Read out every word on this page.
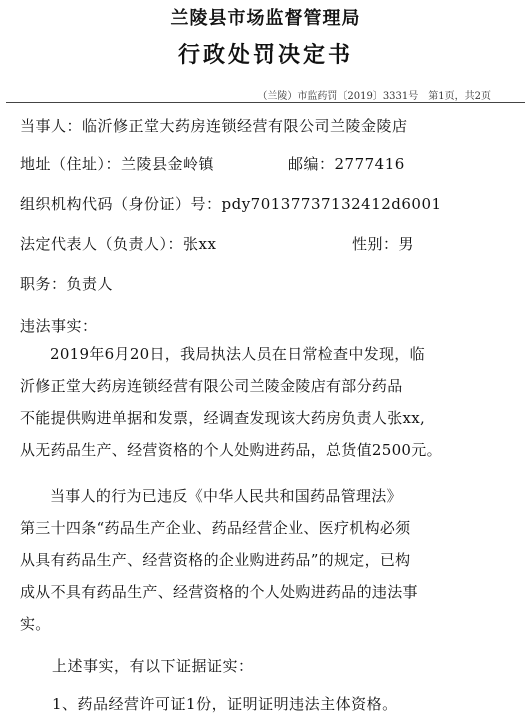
兰陵县市场监督管理局
行政处罚决定书
（兰陵）市监药罚〔2019〕3331号　第1页，共2页
当事人：临沂修正堂大药房连锁经营有限公司兰陵金陵店
地址（住址）：兰陵县金岭镇	邮编：2777416
组织机构代码（身份证）号：pdy70137737132412d6001
法定代表人（负责人）：张xx	性别：男
职务：负责人
违法事实：
2019年6月20日，我局执法人员在日常检查中发现，临
沂修正堂大药房连锁经营有限公司兰陵金陵店有部分药品
不能提供购进单据和发票，经调查发现该大药房负责人张xx,
从无药品生产、经营资格的个人处购进药品，总货值2500元。
当事人的行为已违反《中华人民共和国药品管理法》
第三十四条“药品生产企业、药品经营企业、医疗机构必须
从具有药品生产、经营资格的企业购进药品”的规定，已构
成从不具有药品生产、经营资格的个人处购进药品的违法事
实。
上述事实，有以下证据证实：
1、药品经营许可证1份，证明证明违法主体资格。
